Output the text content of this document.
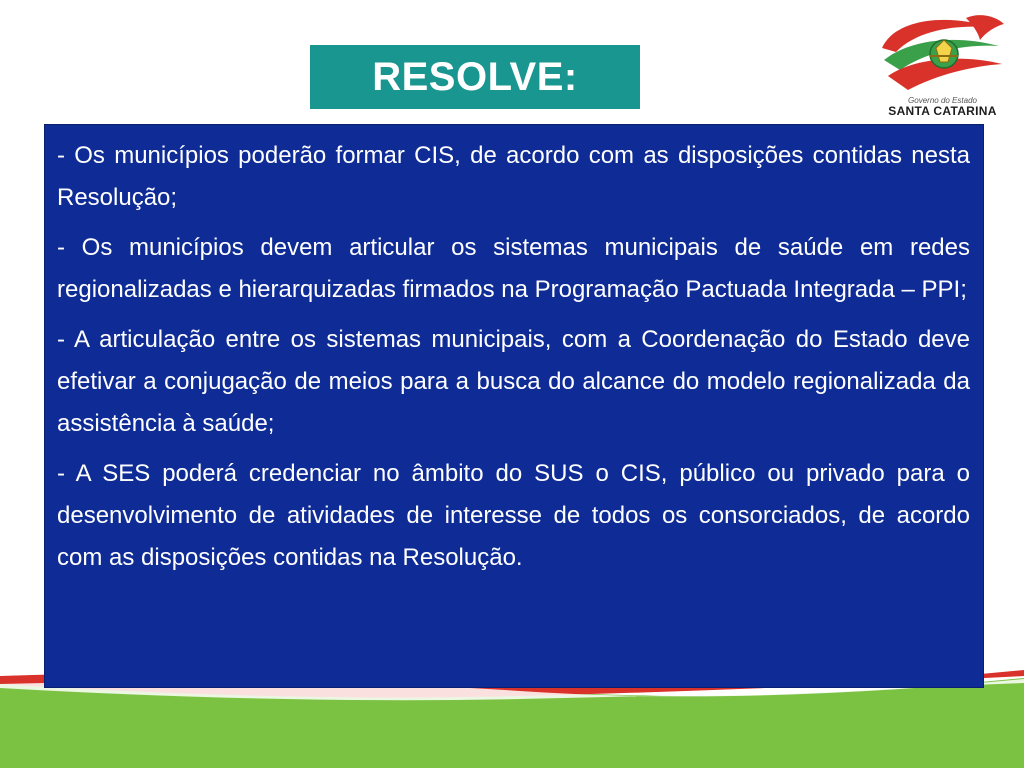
RESOLVE:
Governo do Estado
SANTA CATARINA

- Os municípios poderão formar CIS, de acordo com as disposições contidas nesta Resolução;

- Os municípios devem articular os sistemas municipais de saúde em redes regionalizadas e hierarquizadas firmados na Programação Pactuada Integrada – PPI;

- A articulação entre os sistemas municipais, com a Coordenação do Estado deve efetivar a conjugação de meios para a busca do alcance do modelo regionalizada da assistência à saúde;

- A SES poderá credenciar no âmbito do SUS o CIS, público ou privado para o desenvolvimento de atividades de interesse de todos os consorciados, de acordo com as disposições contidas na Resolução.
